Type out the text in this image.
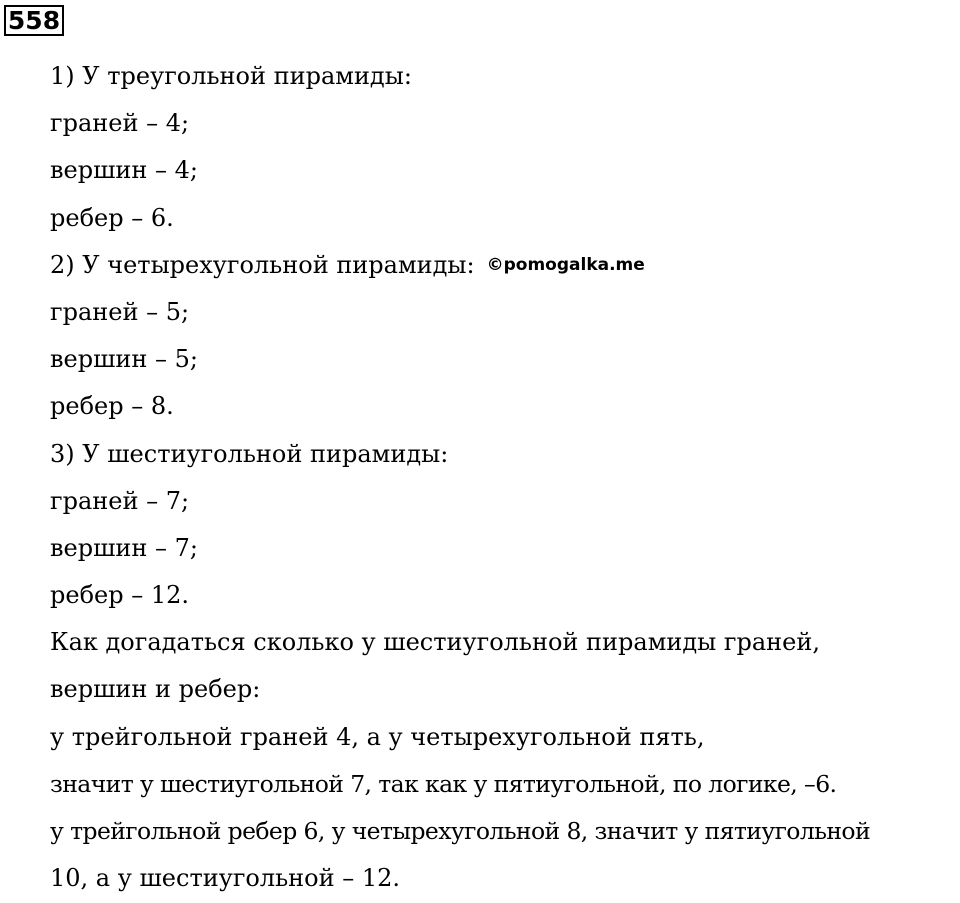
558
1) У треугольной пирамиды:
граней – 4;
вершин – 4;
ребер – 6.
2) У четырехугольной пирамиды: ©pomogalka.me
граней – 5;
вершин – 5;
ребер – 8.
3) У шестиугольной пирамиды:
граней – 7;
вершин – 7;
ребер – 12.
Как догадаться сколько у шестиугольной пирамиды граней,
вершин и ребер:
у трейгольной граней 4, а у четырехугольной пять,
значит у шестиугольной 7, так как у пятиугольной, по логике, –6.
у трейгольной ребер 6, у четырехугольной 8, значит у пятиугольной
10, а у шестиугольной – 12.
